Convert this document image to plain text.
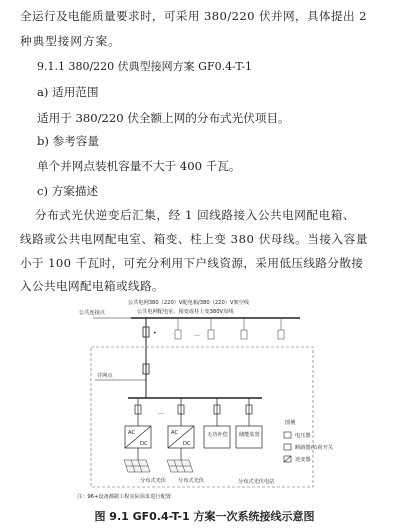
全运行及电能质量要求时，可采用 380/220 伏并网，具体提出 2
种典型接网方案。
9.1.1 380/220 伏典型接网方案 GF0.4-T-1
a) 适用范围
适用于 380/220 伏全额上网的分布式光伏项目。
b) 参考容量
单个并网点装机容量不大于 400 千瓦。
c) 方案描述
分布式光伏逆变后汇集，经 1 回线路接入公共电网配电箱、
线路或公共电网配电室、箱变、柱上变 380 伏母线。当接入容量
小于 100 千瓦时，可充分利用下户线资源，采用低压线路分散接
入公共电网配电箱或线路。
公共电网380（220）V配电箱/380（220）V架空线
公共电网配电室、箱变或柱上变380V母线
公共连接点
…
•
并网点
…
AC
DC
AC
DC
无功补偿 储能装置
分布式光伏 分布式光伏	分布式光伏电站
图例
电压器
断路器/负荷开关
逆变器
注：96+设备都据工程实际需求进行配置
图 9.1 GF0.4-T-1 方案一次系统接线示意图
